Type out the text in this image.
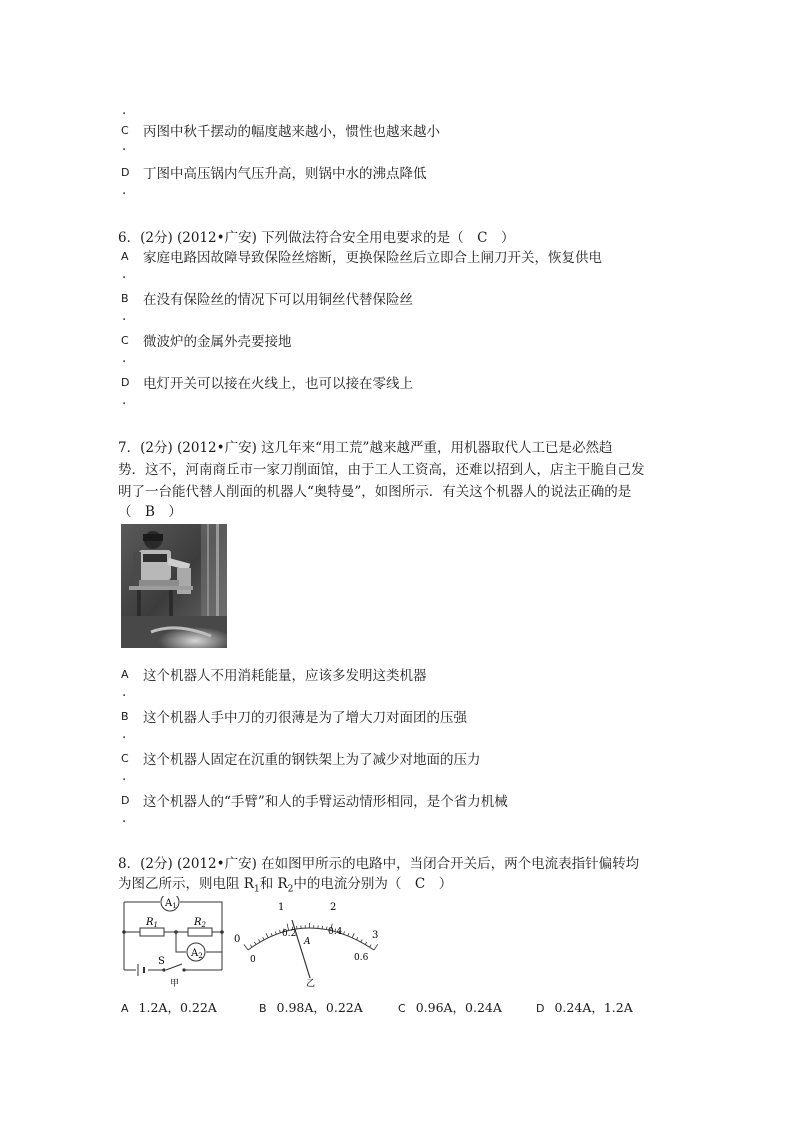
.
C 丙图中秋千摆动的幅度越来越小，惯性也越来越小
.
D 丁图中高压锅内气压升高，则锅中水的沸点降低
.
6．(2分) (2012•广安) 下列做法符合安全用电要求的是（　C　）
A 家庭电路因故障导致保险丝熔断，更换保险丝后立即合上闸刀开关，恢复供电
.
B 在没有保险丝的情况下可以用铜丝代替保险丝
.
C 微波炉的金属外壳要接地
.
D 电灯开关可以接在火线上，也可以接在零线上
.
7．(2分) (2012•广安) 这几年来“用工荒”越来越严重，用机器取代人工已是必然趋
势．这不，河南商丘市一家刀削面馆，由于工人工资高，还难以招到人，店主干脆自己发
明了一台能代替人削面的机器人“奥特曼”，如图所示．有关这个机器人的说法正确的是
（　B　）
A 这个机器人不用消耗能量，应该多发明这类机器
.
B 这个机器人手中刀的刃很薄是为了增大刀对面团的压强
.
C 这个机器人固定在沉重的钢铁架上为了减少对地面的压力
.
D 这个机器人的“手臂”和人的手臂运动情形相同，是个省力机械
.
8．(2分) (2012•广安) 在如图甲所示的电路中，当闭合开关后，两个电流表指针偏转均
为图乙所示，则电阻 $R_1$和 $R_2$中的电流分别为（　C　）
$A_1$
$A_2$
$R_1$	$R_2$
S
甲
1	2
3
0	0.2	0.4
0.6
0
A
乙
A 1.2A，0.22A	B 0.98A，0.22A	C 0.96A，0.24A	D 0.24A，1.2A
